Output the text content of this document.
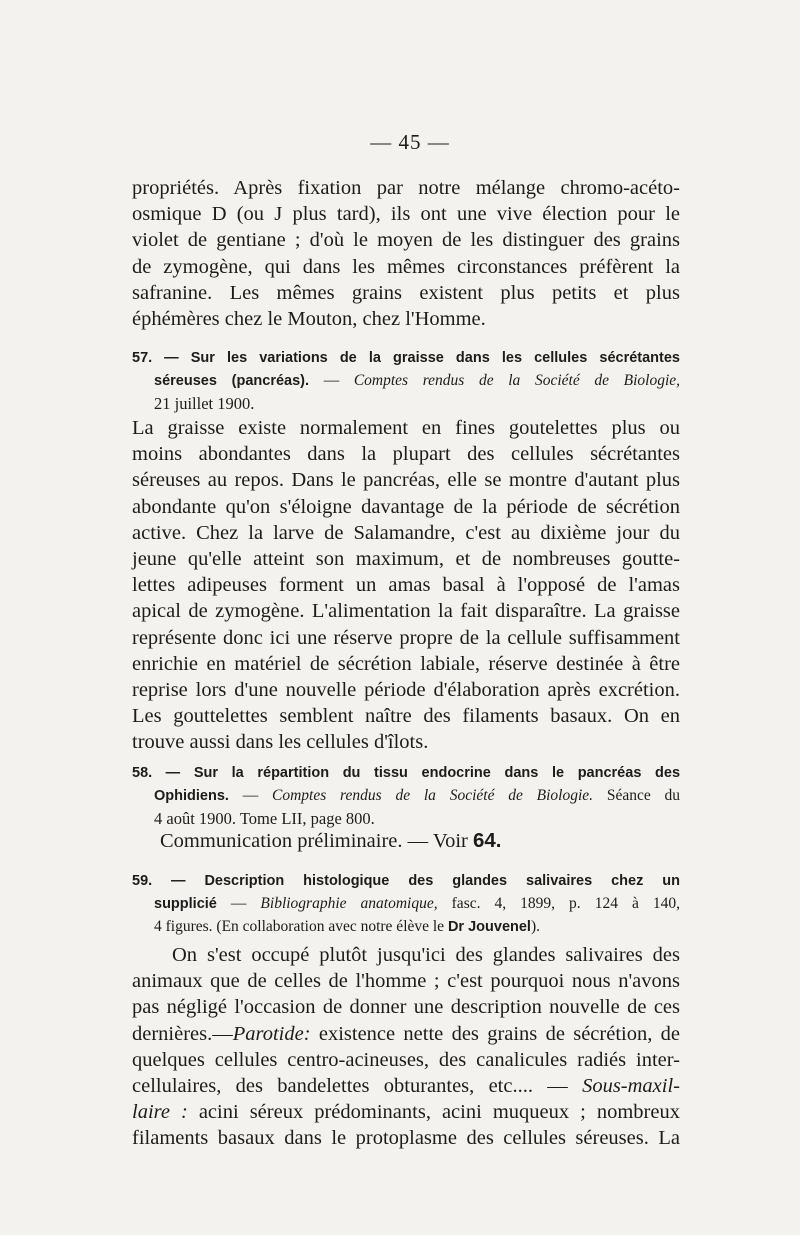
— 45 —
propriétés. Après fixation par notre mélange chromo-acéto-
osmique D (ou J plus tard), ils ont une vive élection pour le
violet de gentiane ; d'où le moyen de les distinguer des grains
de zymogène, qui dans les mêmes circonstances préfèrent la
safranine. Les mêmes grains existent plus petits et plus
éphémères chez le Mouton, chez l'Homme.
57. — Sur les variations de la graisse dans les cellules sécrétantes
séreuses (pancréas). — Comptes rendus de la Société de Biologie,
21 juillet 1900.
La graisse existe normalement en fines goutelettes plus ou
moins abondantes dans la plupart des cellules sécrétantes
séreuses au repos. Dans le pancréas, elle se montre d'autant plus
abondante qu'on s'éloigne davantage de la période de sécrétion
active. Chez la larve de Salamandre, c'est au dixième jour du
jeune qu'elle atteint son maximum, et de nombreuses goutte-
lettes adipeuses forment un amas basal à l'opposé de l'amas
apical de zymogène. L'alimentation la fait disparaître. La graisse
représente donc ici une réserve propre de la cellule suffisamment
enrichie en matériel de sécrétion labiale, réserve destinée à être
reprise lors d'une nouvelle période d'élaboration après excrétion.
Les gouttelettes semblent naître des filaments basaux. On en
trouve aussi dans les cellules d'îlots.
58. — Sur la répartition du tissu endocrine dans le pancréas des
Ophidiens. — Comptes rendus de la Société de Biologie. Séance du
4 août 1900. Tome LII, page 800.
Communication préliminaire. — Voir 64.
59. — Description histologique des glandes salivaires chez un
supplicié — Bibliographie anatomique, fasc. 4, 1899, p. 124 à 140,
4 figures. (En collaboration avec notre élève le Dr Jouvenel).
On s'est occupé plutôt jusqu'ici des glandes salivaires des
animaux que de celles de l'homme ; c'est pourquoi nous n'avons
pas négligé l'occasion de donner une description nouvelle de ces
dernières.—Parotide: existence nette des grains de sécrétion, de
quelques cellules centro-acineuses, des canalicules radiés inter-
cellulaires, des bandelettes obturantes, etc.... — Sous-maxil-
laire : acini séreux prédominants, acini muqueux ; nombreux
filaments basaux dans le protoplasme des cellules séreuses. La
